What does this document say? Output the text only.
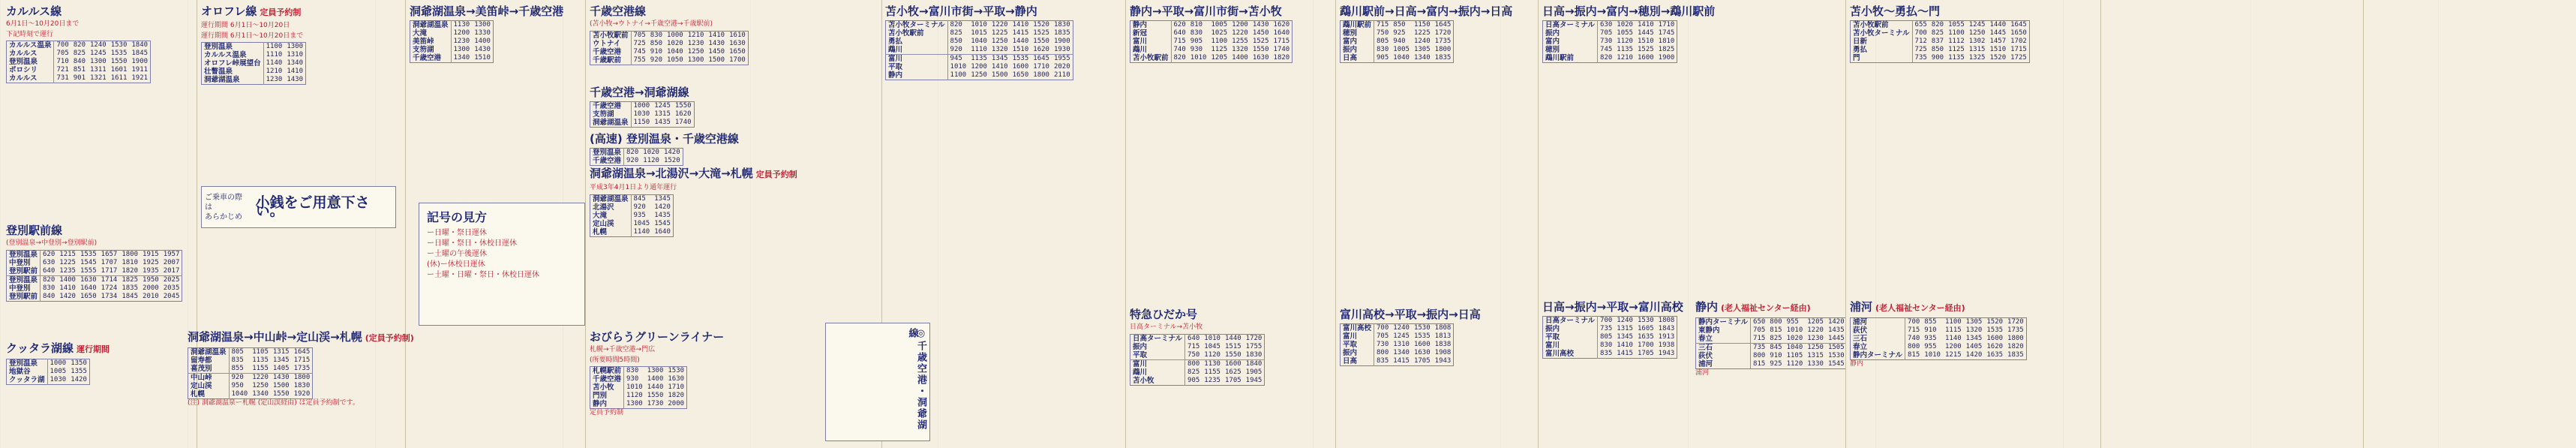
カルルス線
6月1日〜10月20日まで
下記時刻で運行
カルルス温泉	700	820	1240	1530	1840
カルルス	705	825	1245	1535	1845
登別温泉	710	840	1300	1550	1900
ポロシリ	721	851	1311	1601	1911
カルルス	731	901	1321	1611	1921
登別駅前線
(登別温泉→中登別→登別駅前)
登別温泉	620	1215	1535	1657	1800	1915	1957
中登別	630	1225	1545	1707	1810	1925	2007
登別駅前	640	1235	1555	1717	1820	1935	2017
登別温泉	820	1400	1630	1714	1825	1950	2025
中登別	830	1410	1640	1724	1835	2000	2035
登別駅前	840	1420	1650	1734	1845	2010	2045
クッタラ湖線 運行期間
登別温泉	1000	1350
地獄谷	1005	1355
クッタラ湖	1030	1420
オロフレ線 定員予約制
運行期間 6月1日〜10月20日
運行期間 6月1日〜10月20日まで
登別温泉	1100	1300
カルルス温泉	1110	1310
オロフレ峠展望台	1140	1340
壮瞥温泉	1210	1410
洞爺湖温泉	1230	1430
ご乗車の際は
あらかじめ
小銭をご用意下さい。
洞爺湖温泉→中山峠→定山渓→札幌 (定員予約制)
洞爺湖温泉	805	1105	1315	1645
留寿都	835	1135	1345	1715
喜茂別	855	1155	1405	1735
中山峠	920	1220	1430	1800
定山渓	950	1250	1500	1830
札幌	1040	1340	1550	1920
(注) 洞爺湖温泉ー札幌 (定山渓経由) は定員予約制です。
洞爺湖温泉→美笛峠→千歳空港
洞爺湖温泉	1130	1300
大滝	1200	1330
美笛峠	1230	1400
支笏湖	1300	1430
千歳空港	1340	1510
記号の見方
ー日曜・祭日運休
ー日曜・祭日・休校日運休
ー土曜の午後運休
(休)ー休校日運休
ー土曜・日曜・祭日・休校日運休
千歳空港線
(苫小牧→ウトナイ→千歳空港→千歳駅前)
苫小牧駅前	705	830	1000	1210	1410	1610
ウトナイ	725	850	1020	1230	1430	1630
千歳空港	745	910	1040	1250	1450	1650
千歳駅前	755	920	1050	1300	1500	1700
千歳空港→洞爺湖線
千歳空港	1000	1245	1550
支笏湖	1030	1315	1620
洞爺湖温泉	1150	1435	1740
(高速) 登別温泉・千歳空港線
登別温泉	820	1020	1420
千歳空港	920	1120	1520
洞爺湖温泉→北湯沢→大滝→札幌 定員予約制
平成3年4月1日より通年運行
洞爺湖温泉	845	1345
北湯沢	920	1420
大滝	935	1435
定山渓	1045	1545
札幌	1140	1640
おびらうグリーンライナー
札幌→千歳空港→門広
(所要時間5時間)
札幌駅前	830	1300	1530
千歳空港	930	1400	1630
苫小牧	1010	1440	1710
門別	1120	1550	1820
静内	1300	1730	2000
定員予約制	◎千歳空港・洞爺湖線
苫小牧→富川市街→平取→静内
苫小牧ターミナル	820	1010	1220	1410	1520	1830
苫小牧駅前	825	1015	1225	1415	1525	1835
勇払	850	1040	1250	1440	1550	1900
鵡川	920	1110	1320	1510	1620	1930
富川	945	1135	1345	1535	1645	1955
平取	1010	1200	1410	1600	1710	2020
静内	1100	1250	1500	1650	1800	2110
静内→平取→富川市街→苫小牧
静内	620	810	1005	1200	1430	1620
新冠	640	830	1025	1220	1450	1640
富川	715	905	1100	1255	1525	1715
鵡川	740	930	1125	1320	1550	1740
苫小牧駅前	820	1010	1205	1400	1630	1820
特急ひだか号
日高ターミナル→苫小牧
日高ターミナル	640	1010	1440	1720
振内	715	1045	1515	1755
平取	750	1120	1550	1830
富川	800	1130	1600	1840
鵡川	825	1155	1625	1905
苫小牧	905	1235	1705	1945
鵡川駅前→日高→富内→振内→日高
鵡川駅前	715	850	1150	1645
穂別	750	925	1225	1720
富内	805	940	1240	1735
振内	830	1005	1305	1800
日高	905	1040	1340	1835
富川高校→平取→振内→日高
富川高校	700	1240	1530	1808
富川	705	1245	1535	1813
平取	730	1310	1600	1838
振内	800	1340	1630	1908
日高	835	1415	1705	1943
日高→振内→富内→穂別→鵡川駅前
日高ターミナル	630	1020	1410	1710
振内	705	1055	1445	1745
富内	730	1120	1510	1810
穂別	745	1135	1525	1825
鵡川駅前	820	1210	1600	1900
日高→振内→平取→富川高校
日高ターミナル	700	1240	1530	1808
振内	735	1315	1605	1843
平取	805	1345	1635	1913
富川	830	1410	1700	1938
富川高校	835	1415	1705	1943
静内 (老人福祉センター経由)
静内ターミナル	650	800	955	1205	1420	
東静内	705	815	1010	1220	1435	
春立	715	825	1020	1230	1445	
三石	735	845	1040	1250	1505	
荻伏	800	910	1105	1315	1530	
浦河	815	925	1120	1330	1545	
浦河
苫小牧〜勇払〜門
苫小牧駅前	655	820	1055	1245	1440	1645
苫小牧ターミナル	700	825	1100	1250	1445	1650
日新	712	837	1112	1302	1457	1702
勇払	725	850	1125	1315	1510	1715
門	735	900	1135	1325	1520	1725
浦河 (老人福祉センター経由)
浦河	700	855	1100	1305	1520	1720
荻伏	715	910	1115	1320	1535	1735
三石	740	935	1140	1345	1600	1800
春立	800	955	1200	1405	1620	1820
静内ターミナル	815	1010	1215	1420	1635	1835
静内
